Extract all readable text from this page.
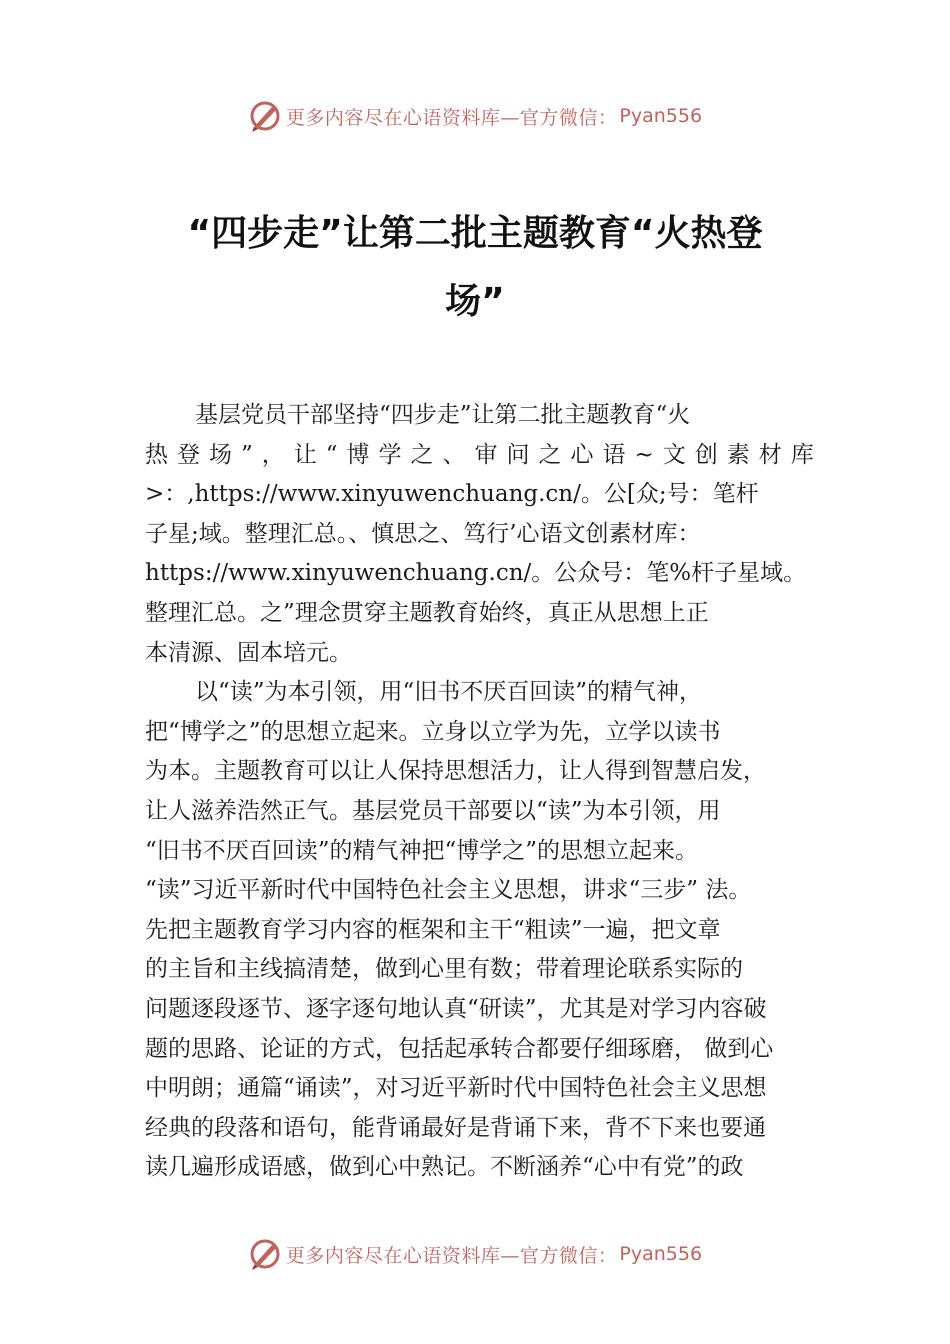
更多内容尽在心语资料库—官方微信： Pyan556
“四步走”让第二批主题教育“火热登
场”
基层党员干部坚持“四步走”让第二批主题教育“火
热登场”，让“博学之、审问之心语~文创素材库
>：,https://www.xinyuwenchuang.cn/。公[众;号：笔杆
子星;域。整理汇总。、慎思之、笃行’心语文创素材库：
https://www.xinyuwenchuang.cn/。公众号：笔%杆子星域。
整理汇总。之”理念贯穿主题教育始终，真正从思想上正
本清源、固本培元。
以“读”为本引领，用“旧书不厌百回读”的精气神，
把“博学之”的思想立起来。立身以立学为先，立学以读书
为本。主题教育可以让人保持思想活力，让人得到智慧启发，
让人滋养浩然正气。基层党员干部要以“读”为本引领，用
“旧书不厌百回读”的精气神把“博学之”的思想立起来。
“读”习近平新时代中国特色社会主义思想，讲求“三步” 法。
先把主题教育学习内容的框架和主干“粗读”一遍，把文章
的主旨和主线搞清楚，做到心里有数；带着理论联系实际的
问题逐段逐节、逐字逐句地认真“研读”，尤其是对学习内容破
题的思路、论证的方式，包括起承转合都要仔细琢磨， 做到心
中明朗；通篇“诵读”，对习近平新时代中国特色社会主义思想
经典的段落和语句，能背诵最好是背诵下来，背不下来也要通
读几遍形成语感，做到心中熟记。不断涵养“心中有党”的政
更多内容尽在心语资料库—官方微信： Pyan556
